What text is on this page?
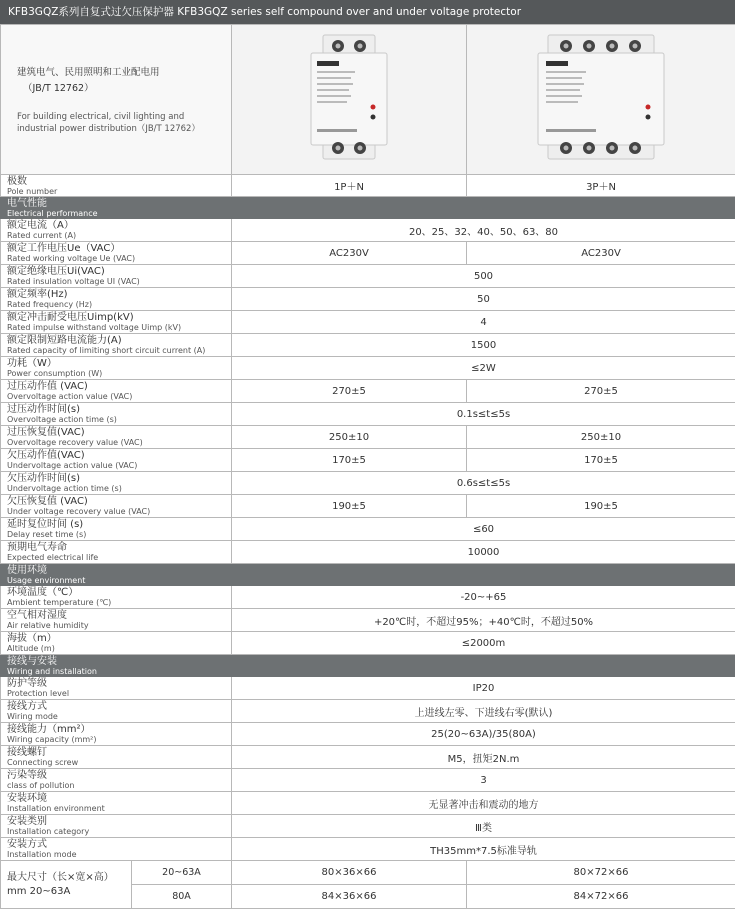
KFB3GQZ系列自复式过欠压保护器 KFB3GQZ series self compound over and under voltage protector
建筑电气、民用照明和工业配电用
（JB/T 12762）
For building electrical, civil lighting and industrial power distribution（JB/T 12762）

极数
Pole number		1P＋N	3P＋N

电气性能
Electrical performance			

额定电流（A）
Rated current (A)		20、25、32、40、50、63、80	

额定工作电压Ue（VAC）
Rated working voltage Ue (VAC)		AC230V	AC230V

额定绝缘电压Ui(VAC)
Rated insulation voltage UI (VAC)		500	

额定频率(Hz)
Rated frequency (Hz)		50	

额定冲击耐受电压Uimp(kV)
Rated impulse withstand voltage Uimp (kV)		4	

额定限制短路电流能力(A)
Rated capacity of limiting short circuit current (A)		1500	

功耗（W）
Power consumption (W)		≤2W	

过压动作值 (VAC)
Overvoltage action value (VAC)		270±5	270±5

过压动作时间(s)
Overvoltage action time (s)		0.1s≤t≤5s	

过压恢复值(VAC)
Overvoltage recovery value (VAC)		250±10	250±10

欠压动作值(VAC)
Undervoltage action value (VAC)		170±5	170±5

欠压动作时间(s)
Undervoltage action time (s)		0.6s≤t≤5s	

欠压恢复值 (VAC)
Under voltage recovery value (VAC)		190±5	190±5

延时复位时间 (s)
Delay reset time (s)		≤60	

预期电气寿命
Expected electrical life		10000	

使用环境
Usage environment			

环境温度（℃）
Ambient temperature (℃)		-20~+65	

空气相对湿度
Air relative humidity		+20℃时，不超过95%；+40℃时，不超过50%	

海拔（m）
Altitude (m)		≤2000m	

接线与安装
Wiring and installation			

防护等级
Protection level		IP20	

接线方式
Wiring mode		上进线左零、下进线右零(默认)	

接线能力（mm²）
Wiring capacity (mm²)		25(20~63A)/35(80A)	

接线螺钉
Connecting screw		M5，扭矩2N.m	

污染等级
class of pollution		3	

安装环境
Installation environment		无显著冲击和震动的地方	

安装类别
Installation category		Ⅲ类	

安装方式
Installation mode		TH35mm*7.5标准导轨	

最大尺寸（长×宽×高）
mm 20~63A	20~63A	80×36×66	80×72×66
	80A	84×36×66	84×72×66
